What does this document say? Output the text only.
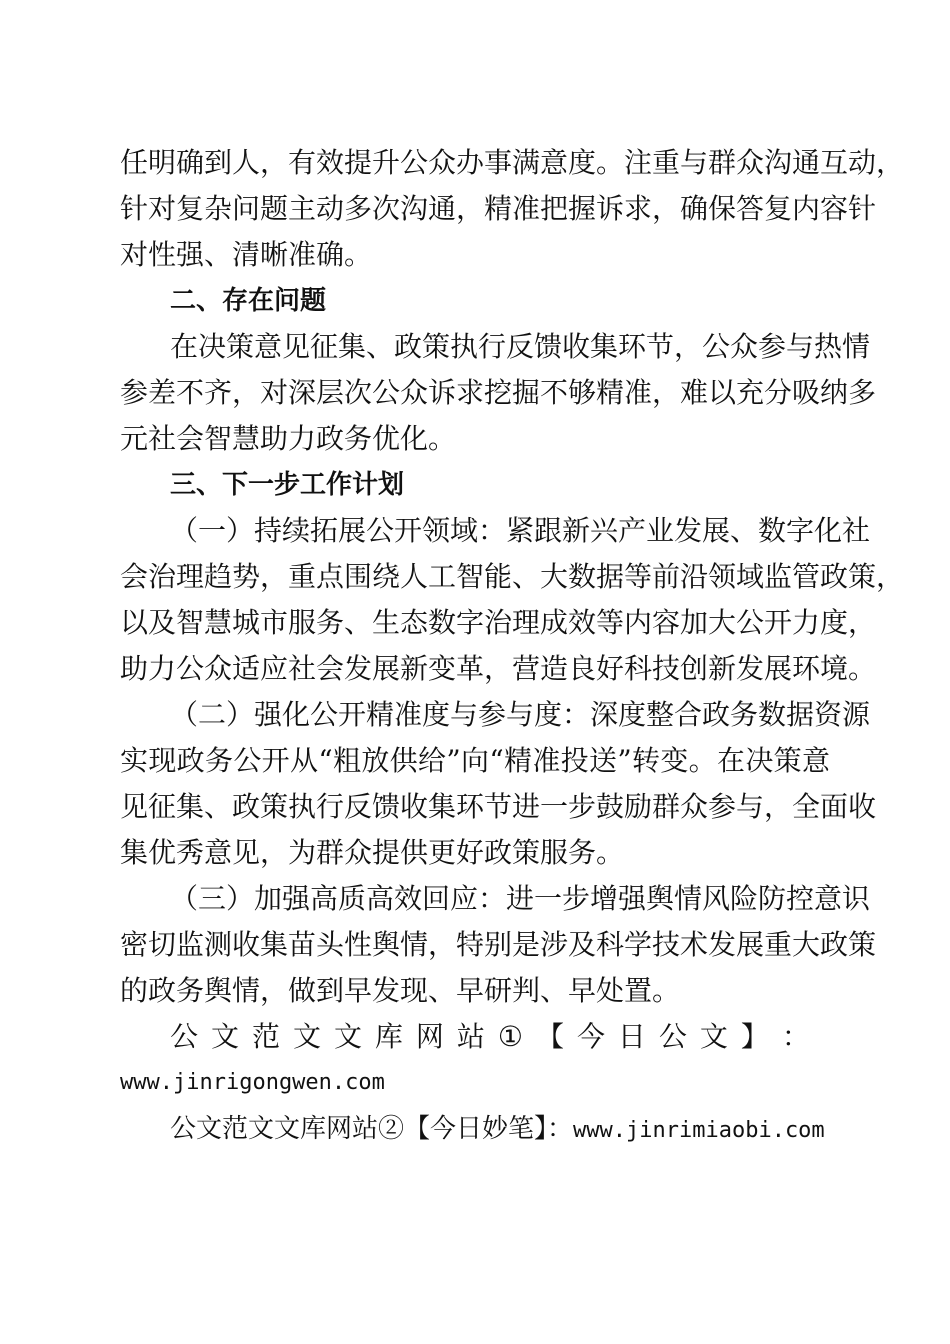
任明确到人，有效提升公众办事满意度。注重与群众沟通互动，
针对复杂问题主动多次沟通，精准把握诉求，确保答复内容针
对性强、清晰准确。
二、存在问题
在决策意见征集、政策执行反馈收集环节，公众参与热情
参差不齐，对深层次公众诉求挖掘不够精准，难以充分吸纳多
元社会智慧助力政务优化。
三、下一步工作计划
（一）持续拓展公开领域：紧跟新兴产业发展、数字化社
会治理趋势，重点围绕人工智能、大数据等前沿领域监管政策，
以及智慧城市服务、生态数字治理成效等内容加大公开力度，
助力公众适应社会发展新变革，营造良好科技创新发展环境。
（二）强化公开精准度与参与度：深度整合政务数据资源
实现政务公开从“粗放供给”向“精准投送”转变。在决策意
见征集、政策执行反馈收集环节进一步鼓励群众参与，全面收
集优秀意见，为群众提供更好政策服务。
（三）加强高质高效回应：进一步增强舆情风险防控意识
密切监测收集苗头性舆情，特别是涉及科学技术发展重大政策
的政务舆情，做到早发现、早研判、早处置。
公 文 范 文 文 库 网 站 ① 【 今 日 公 文 】 ：
www.jinrigongwen.com
公文范文文库网站②【今日妙笔】：www.jinrimiaobi.com
